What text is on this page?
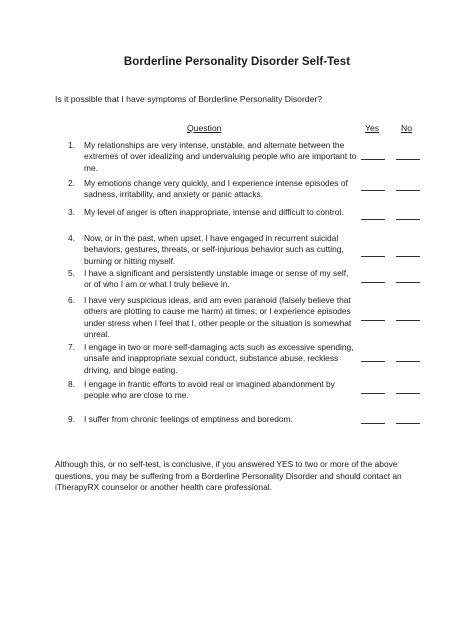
Borderline Personality Disorder Self-Test
Is it possible that I have symptoms of Borderline Personality Disorder?
Question	Yes	No
1. My relationships are very intense, unstable, and alternate between the extremes of over idealizing and undervaluing people who are important to me.
2. My emotions change very quickly, and I experience intense episodes of sadness, irritability, and anxiety or panic attacks.
3. My level of anger is often inappropriate, intense and difficult to control.
4. Now, or in the past, when upset, I have engaged in recurrent suicidal behaviors, gestures, threats, or self-injurious behavior such as cutting, burning or hitting myself.
5. I have a significant and persistently unstable image or sense of my self, or of who I am or what I truly believe in.
6. I have very suspicious ideas, and am even paranoid (falsely believe that others are plotting to cause me harm) at times; or I experience episodes under stress when I feel that I, other people or the situation is somewhat unreal.
7. I engage in two or more self-damaging acts such as excessive spending, unsafe and inappropriate sexual conduct, substance abuse, reckless driving, and binge eating.
8. I engage in frantic efforts to avoid real or imagined abandonment by people who are close to me.
9. I suffer from chronic feelings of emptiness and boredom.
Although this, or no self-test, is conclusive, if you answered YES to two or more of the above questions, you may be suffering from a Borderline Personality Disorder and should contact an iTherapyRX counselor or another health care professional.
